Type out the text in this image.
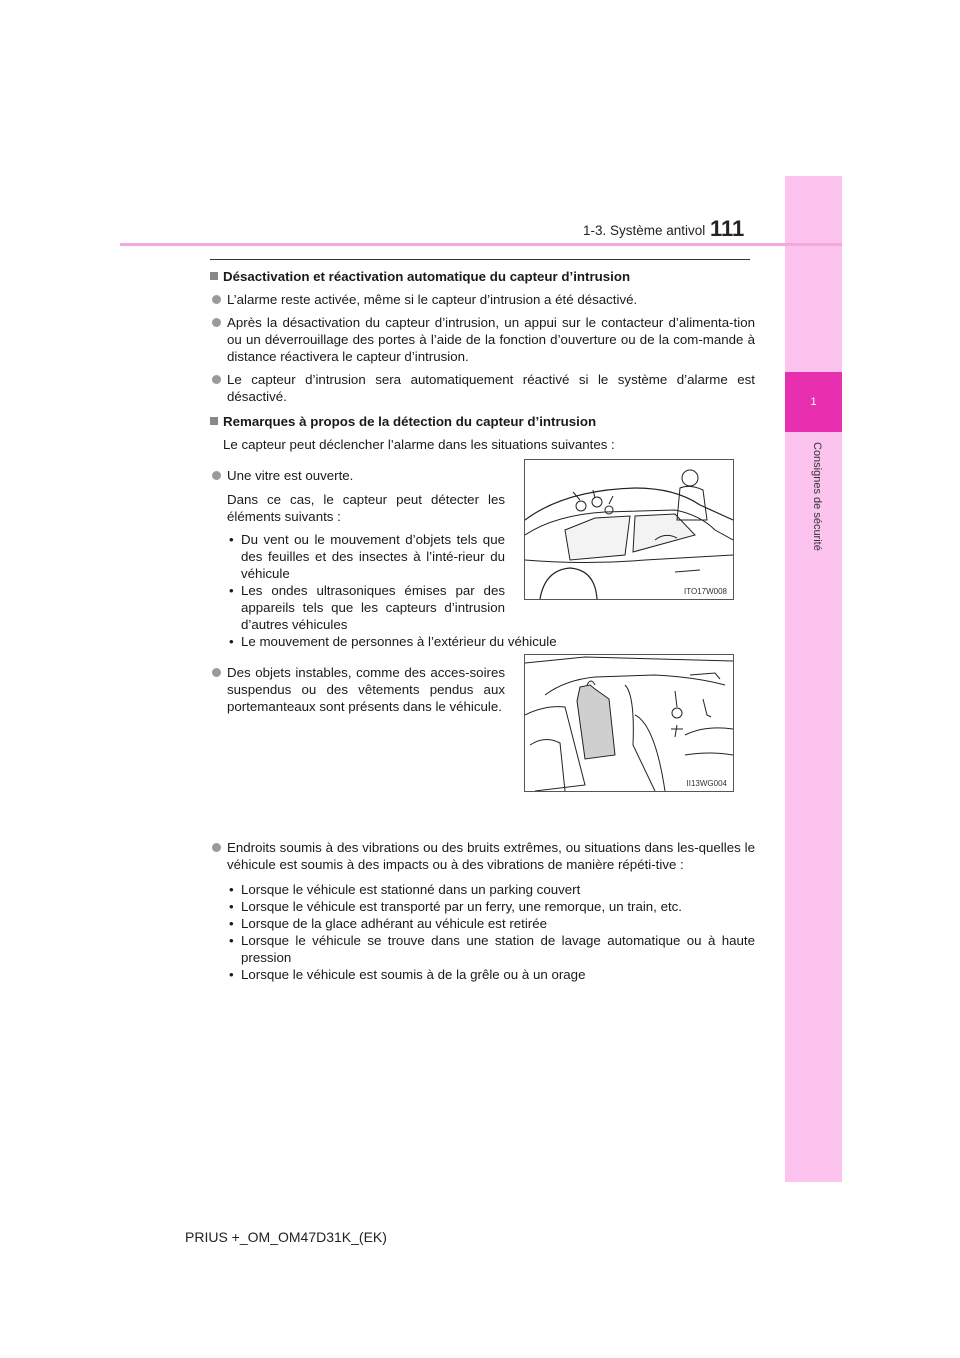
1
Consignes de sécurité
1-3. Système antivol 111
Désactivation et réactivation automatique du capteur d’intrusion
L’alarme reste activée, même si le capteur d’intrusion a été désactivé.
Après la désactivation du capteur d’intrusion, un appui sur le contacteur d’alimenta-tion ou un déverrouillage des portes à l’aide de la fonction d’ouverture ou de la com-mande à distance réactivera le capteur d’intrusion.
Le capteur d’intrusion sera automatiquement réactivé si le système d’alarme est désactivé.
Remarques à propos de la détection du capteur d’intrusion
Le capteur peut déclencher l’alarme dans les situations suivantes :
Une vitre est ouverte.
Dans ce cas, le capteur peut détecter les éléments suivants :
• Du vent ou le mouvement d’objets tels que des feuilles et des insectes à l’inté-rieur du véhicule
• Les ondes ultrasoniques émises par des appareils tels que les capteurs d’intrusion d’autres véhicules
• Le mouvement de personnes à l’extérieur du véhicule
Des objets instables, comme des acces-soires suspendus ou des vêtements pendus aux portemanteaux sont présents dans le véhicule.
Endroits soumis à des vibrations ou des bruits extrêmes, ou situations dans les-quelles le véhicule est soumis à des impacts ou à des vibrations de manière répéti-tive :
• Lorsque le véhicule est stationné dans un parking couvert
• Lorsque le véhicule est transporté par un ferry, une remorque, un train, etc.
• Lorsque de la glace adhérant au véhicule est retirée
• Lorsque le véhicule se trouve dans une station de lavage automatique ou à haute pression
• Lorsque le véhicule est soumis à de la grêle ou à un orage
ITO17W008
II13WG004
PRIUS +_OM_OM47D31K_(EK)
